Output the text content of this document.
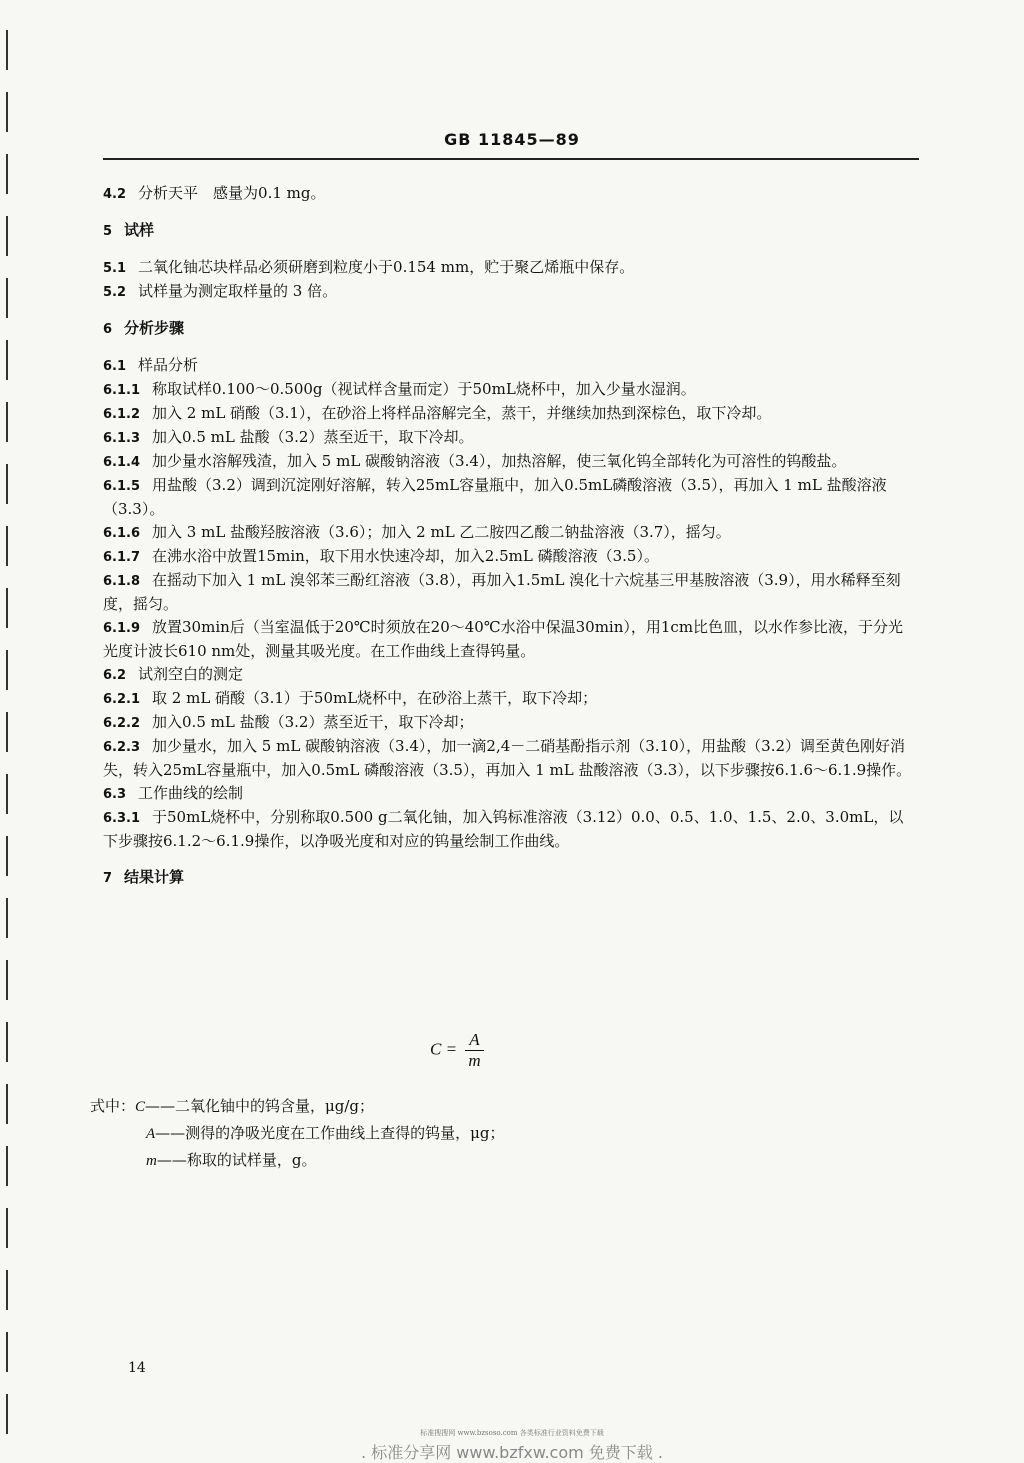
GB 11845—89

4.2 分析天平　感量为0.1 mg。

5 试样

5.1 二氧化铀芯块样品必须研磨到粒度小于0.154 mm，贮于聚乙烯瓶中保存。

5.2 试样量为测定取样量的 3 倍。

6 分析步骤

6.1 样品分析

6.1.1 称取试样0.100～0.500g（视试样含量而定）于50mL烧杯中，加入少量水湿润。

6.1.2 加入 2 mL 硝酸（3.1），在砂浴上将样品溶解完全，蒸干，并继续加热到深棕色，取下冷却。

6.1.3 加入0.5 mL 盐酸（3.2）蒸至近干，取下冷却。

6.1.4 加少量水溶解残渣，加入 5 mL 碳酸钠溶液（3.4），加热溶解，使三氧化钨全部转化为可溶性的钨酸盐。

6.1.5 用盐酸（3.2）调到沉淀刚好溶解，转入25mL容量瓶中，加入0.5mL磷酸溶液（3.5），再加入 1 mL 盐酸溶液（3.3）。

6.1.6 加入 3 mL 盐酸羟胺溶液（3.6）；加入 2 mL 乙二胺四乙酸二钠盐溶液（3.7），摇匀。

6.1.7 在沸水浴中放置15min，取下用水快速冷却，加入2.5mL 磷酸溶液（3.5）。

6.1.8 在摇动下加入 1 mL 溴邻苯三酚红溶液（3.8），再加入1.5mL 溴化十六烷基三甲基胺溶液（3.9），用水稀释至刻度，摇匀。

6.1.9 放置30min后（当室温低于20℃时须放在20～40℃水浴中保温30min），用1cm比色皿，以水作参比液，于分光光度计波长610 nm处，测量其吸光度。在工作曲线上查得钨量。

6.2 试剂空白的测定

6.2.1 取 2 mL 硝酸（3.1）于50mL烧杯中，在砂浴上蒸干，取下冷却；

6.2.2 加入0.5 mL 盐酸（3.2）蒸至近干，取下冷却；

6.2.3 加少量水，加入 5 mL 碳酸钠溶液（3.4），加一滴2,4－二硝基酚指示剂（3.10），用盐酸（3.2）调至黄色刚好消失，转入25mL容量瓶中，加入0.5mL 磷酸溶液（3.5），再加入 1 mL 盐酸溶液（3.3），以下步骤按6.1.6～6.1.9操作。

6.3 工作曲线的绘制

6.3.1 于50mL烧杯中，分别称取0.500 g二氧化铀，加入钨标准溶液（3.12）0.0、0.5、1.0、1.5、2.0、3.0mL，以下步骤按6.1.2～6.1.9操作，以净吸光度和对应的钨量绘制工作曲线。

7 结果计算

$C = \frac{A}{m}$
式中：C——二氧化铀中的钨含量，μg/g；
A——测得的净吸光度在工作曲线上查得的钨量，μg；
m——称取的试样量，g。
14
标准搜搜网 www.bzsoso.com 各类标准行业资料免费下载
. 标准分享网 www.bzfxw.com 免费下载 .
